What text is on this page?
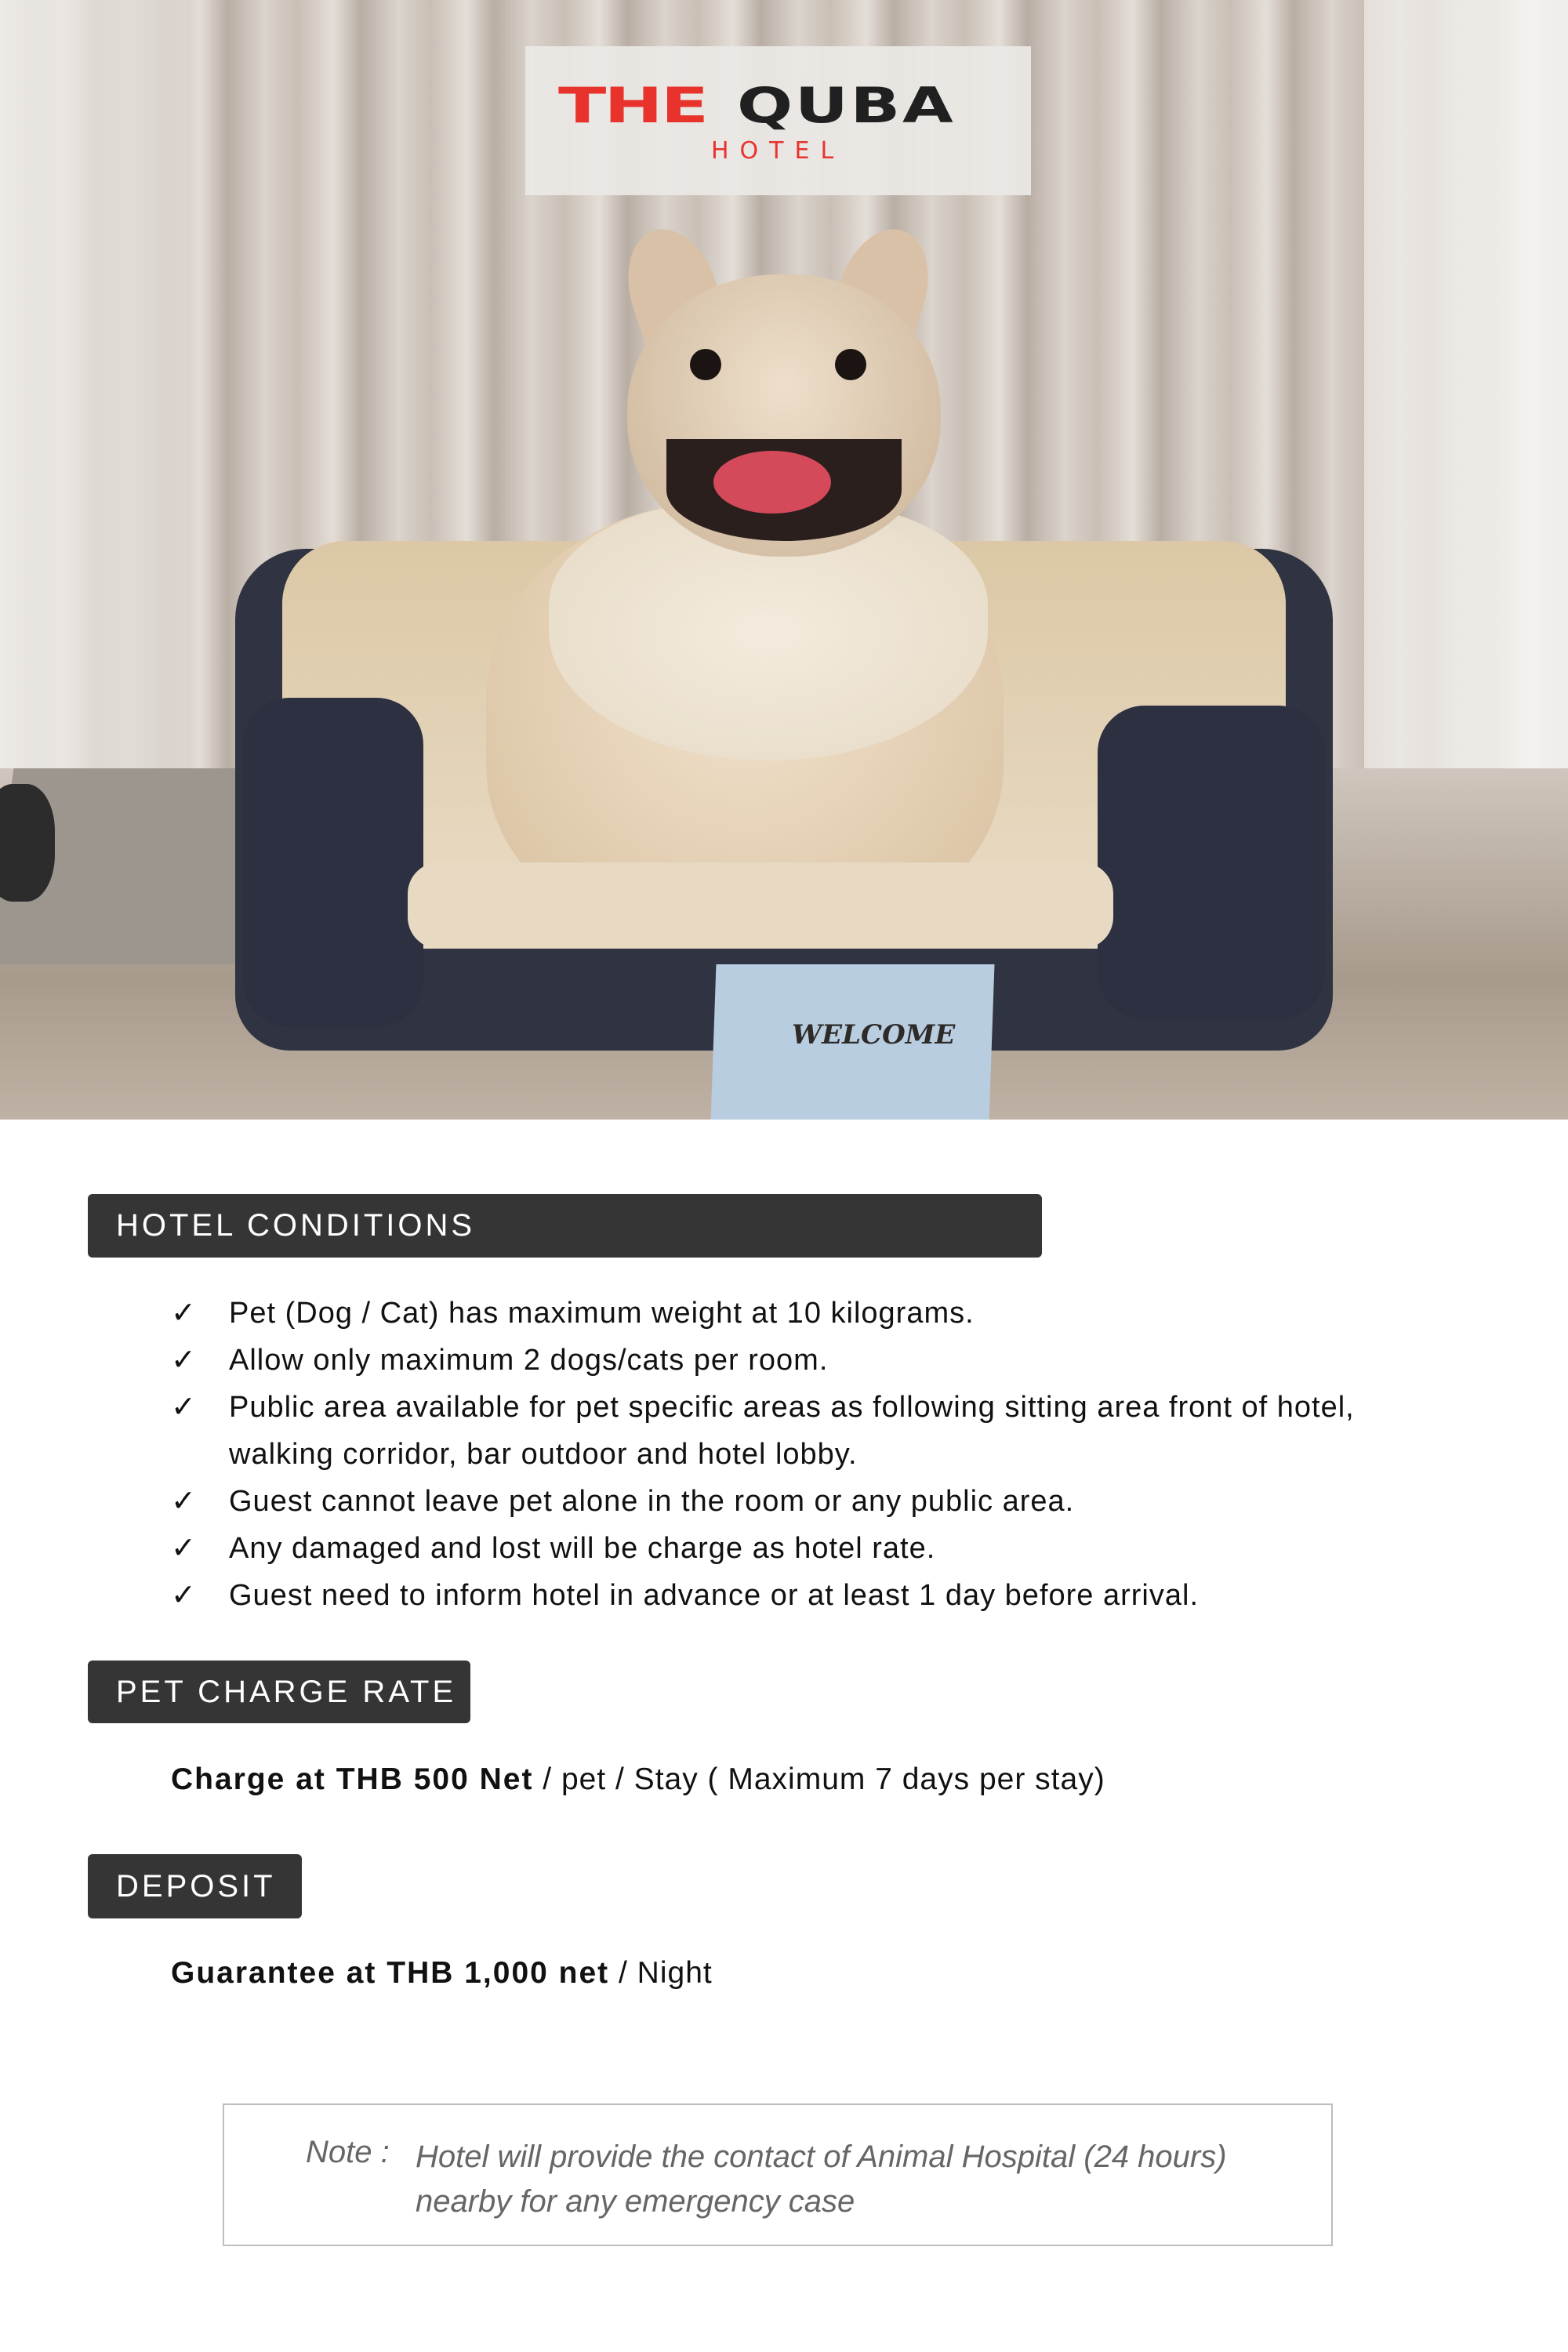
WELCOME
THE QUBA
HOTEL
HOTEL CONDITIONS
✓ Pet (Dog / Cat) has maximum weight at 10 kilograms.
✓ Allow only maximum 2 dogs/cats per room.
✓ Public area available for pet specific areas as following sitting area front of hotel, walking corridor, bar outdoor and hotel lobby.
✓ Guest cannot leave pet alone in the room or any public area.
✓ Any damaged and lost will be charge as hotel rate.
✓ Guest need to inform hotel in advance or at least 1 day before arrival.
PET CHARGE RATE
Charge at THB 500 Net / pet / Stay ( Maximum 7 days per stay)
DEPOSIT
Guarantee at THB 1,000 net / Night
Note : Hotel will provide the contact of Animal Hospital (24 hours) nearby for any emergency case
